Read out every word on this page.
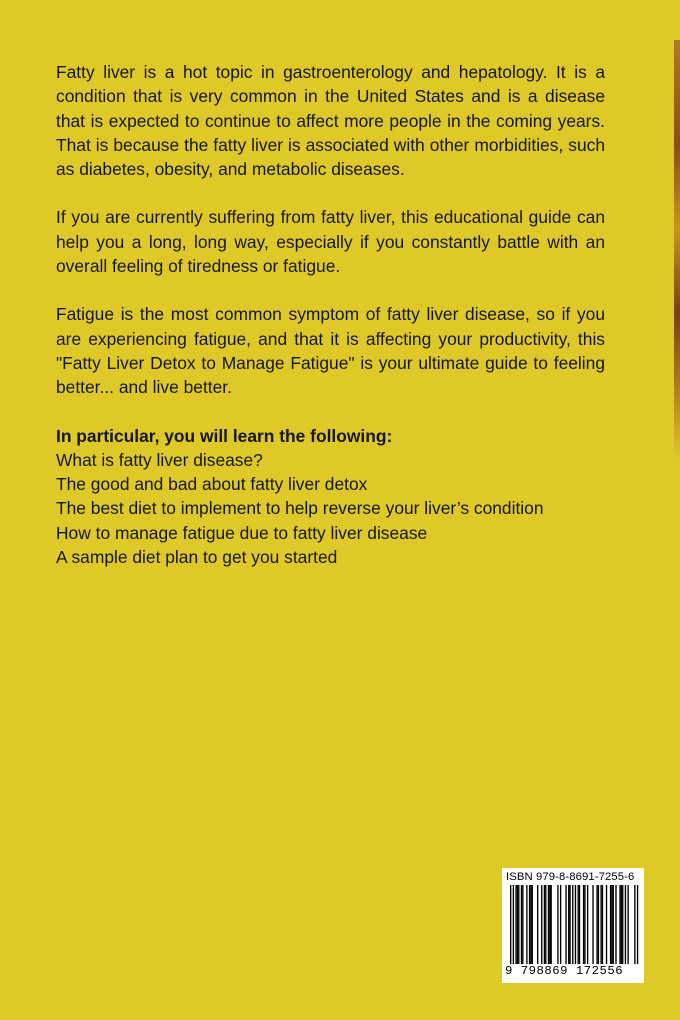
Fatty liver is a hot topic in gastroenterology and hepatology. It is a condition that is very common in the United States and is a disease that is expected to continue to affect more people in the coming years. That is because the fatty liver is associated with other morbidities, such as diabetes, obesity, and metabolic diseases.

If you are currently suffering from fatty liver, this educational guide can help you a long, long way, especially if you constantly battle with an overall feeling of tiredness or fatigue.

Fatigue is the most common symptom of fatty liver disease, so if you are experiencing fatigue, and that it is affecting your productivity, this "Fatty Liver Detox to Manage Fatigue" is your ultimate guide to feeling better... and live better.

In particular, you will learn the following:

What is fatty liver disease?
The good and bad about fatty liver detox
The best diet to implement to help reverse your liver’s condition
How to manage fatigue due to fatty liver disease
A sample diet plan to get you started
ISBN 979-8-8691-7255-6
9 798869 172556
